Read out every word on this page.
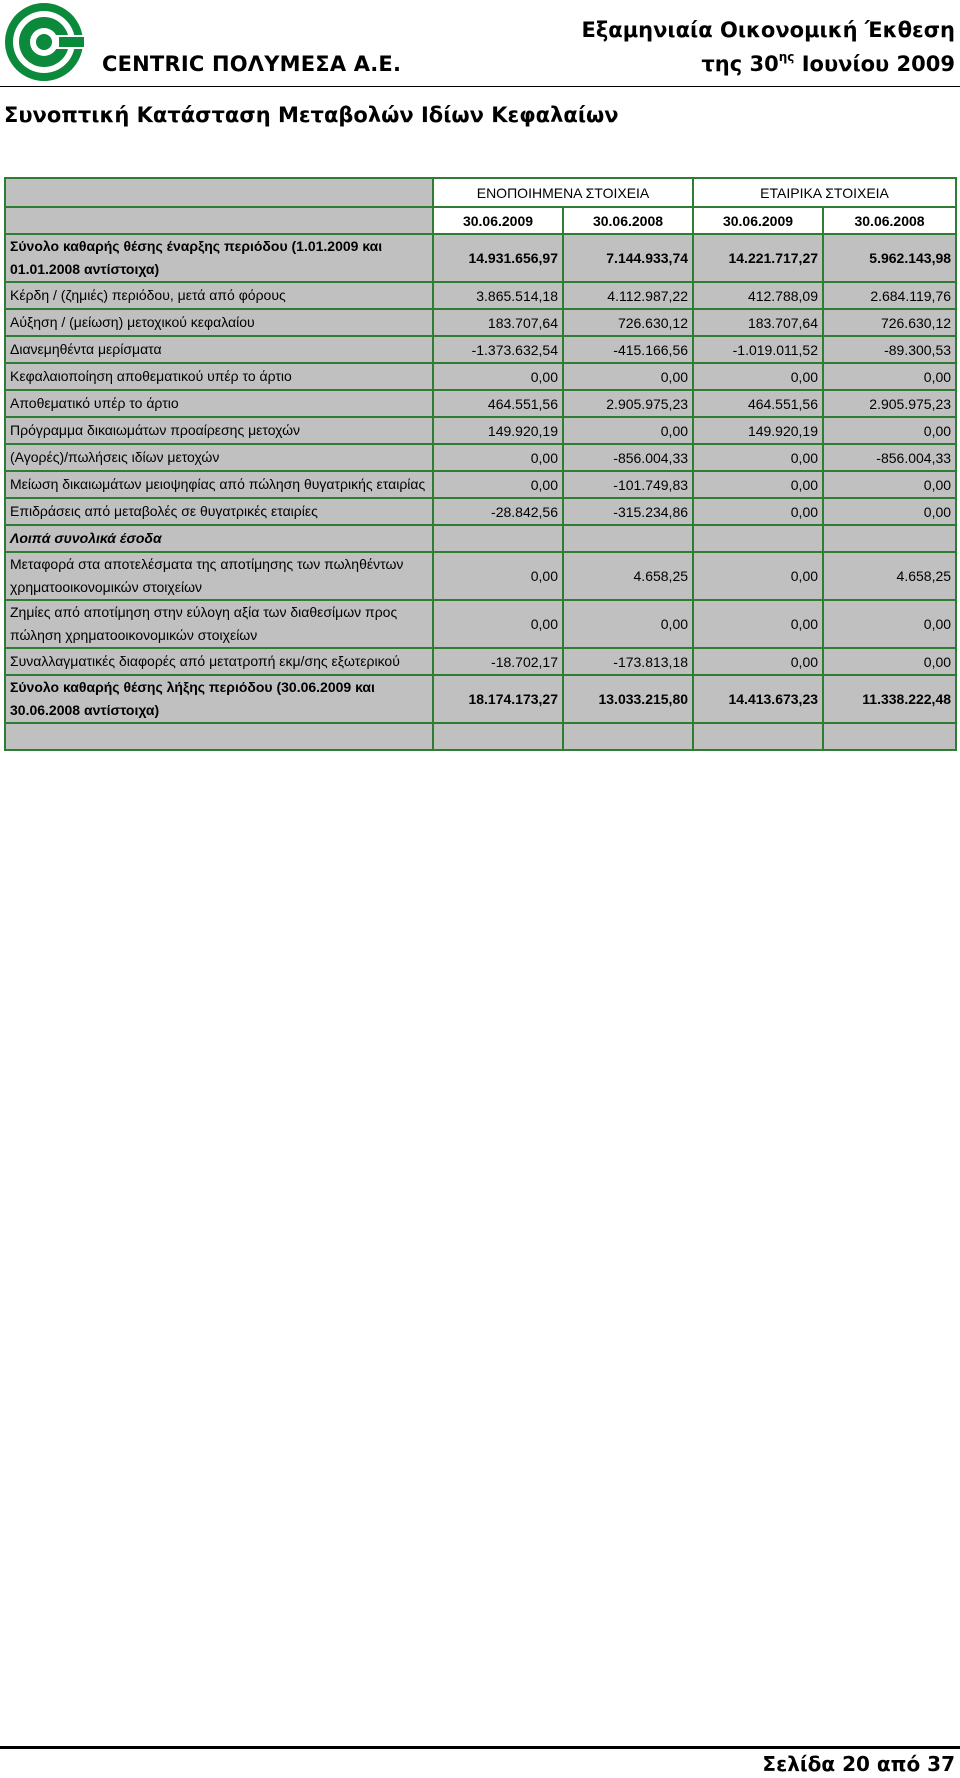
CENTRIC ΠΟΛΥΜΕΣΑ Α.Ε.
Εξαμηνιαία Οικονομική Έκθεση
της $30^{\eta\varsigma}$ Ιουνίου 2009
Συνοπτική Κατάσταση Μεταβολών Ιδίων Κεφαλαίων
	ΕΝΟΠΟΙΗΜΕΝΑ ΣΤΟΙΧΕΙΑ		ΕΤΑΙΡΙΚΑ ΣΤΟΙΧΕΙΑ	
	30.06.2009	30.06.2008	30.06.2009	30.06.2008
Σύνολο καθαρής θέσης έναρξης περιόδου (1.01.2009 και 01.01.2008 αντίστοιχα)	14.931.656,97	7.144.933,74	14.221.717,27	5.962.143,98
Κέρδη / (ζημιές) περιόδου, μετά από φόρους	3.865.514,18	4.112.987,22	412.788,09	2.684.119,76
Αύξηση / (μείωση) μετοχικού κεφαλαίου	183.707,64	726.630,12	183.707,64	726.630,12
Διανεμηθέντα μερίσματα	-1.373.632,54	-415.166,56	-1.019.011,52	-89.300,53
Κεφαλαιοποίηση αποθεματικού υπέρ το άρτιο	0,00	0,00	0,00	0,00
Αποθεματικό υπέρ το άρτιο	464.551,56	2.905.975,23	464.551,56	2.905.975,23
Πρόγραμμα δικαιωμάτων προαίρεσης μετοχών	149.920,19	0,00	149.920,19	0,00
(Αγορές)/πωλήσεις ιδίων μετοχών	0,00	-856.004,33	0,00	-856.004,33
Μείωση δικαιωμάτων μειοψηφίας από πώληση θυγατρικής εταιρίας	0,00	-101.749,83	0,00	0,00
Επιδράσεις από μεταβολές σε θυγατρικές εταιρίες	-28.842,56	-315.234,86	0,00	0,00
Λοιπά συνολικά έσοδα				
Μεταφορά στα αποτελέσματα της αποτίμησης των πωληθέντων χρηματοοικονομικών στοιχείων	0,00	4.658,25	0,00	4.658,25
Ζημίες από αποτίμηση στην εύλογη αξία των διαθεσίμων προς πώληση χρηματοοικονομικών στοιχείων	0,00	0,00	0,00	0,00
Συναλλαγματικές διαφορές από μετατροπή εκμ/σης εξωτερικού	-18.702,17	-173.813,18	0,00	0,00
Σύνολο καθαρής θέσης λήξης περιόδου (30.06.2009 και 30.06.2008 αντίστοιχα)	18.174.173,27	13.033.215,80	14.413.673,23	11.338.222,48

Σελίδα 20 από 37
